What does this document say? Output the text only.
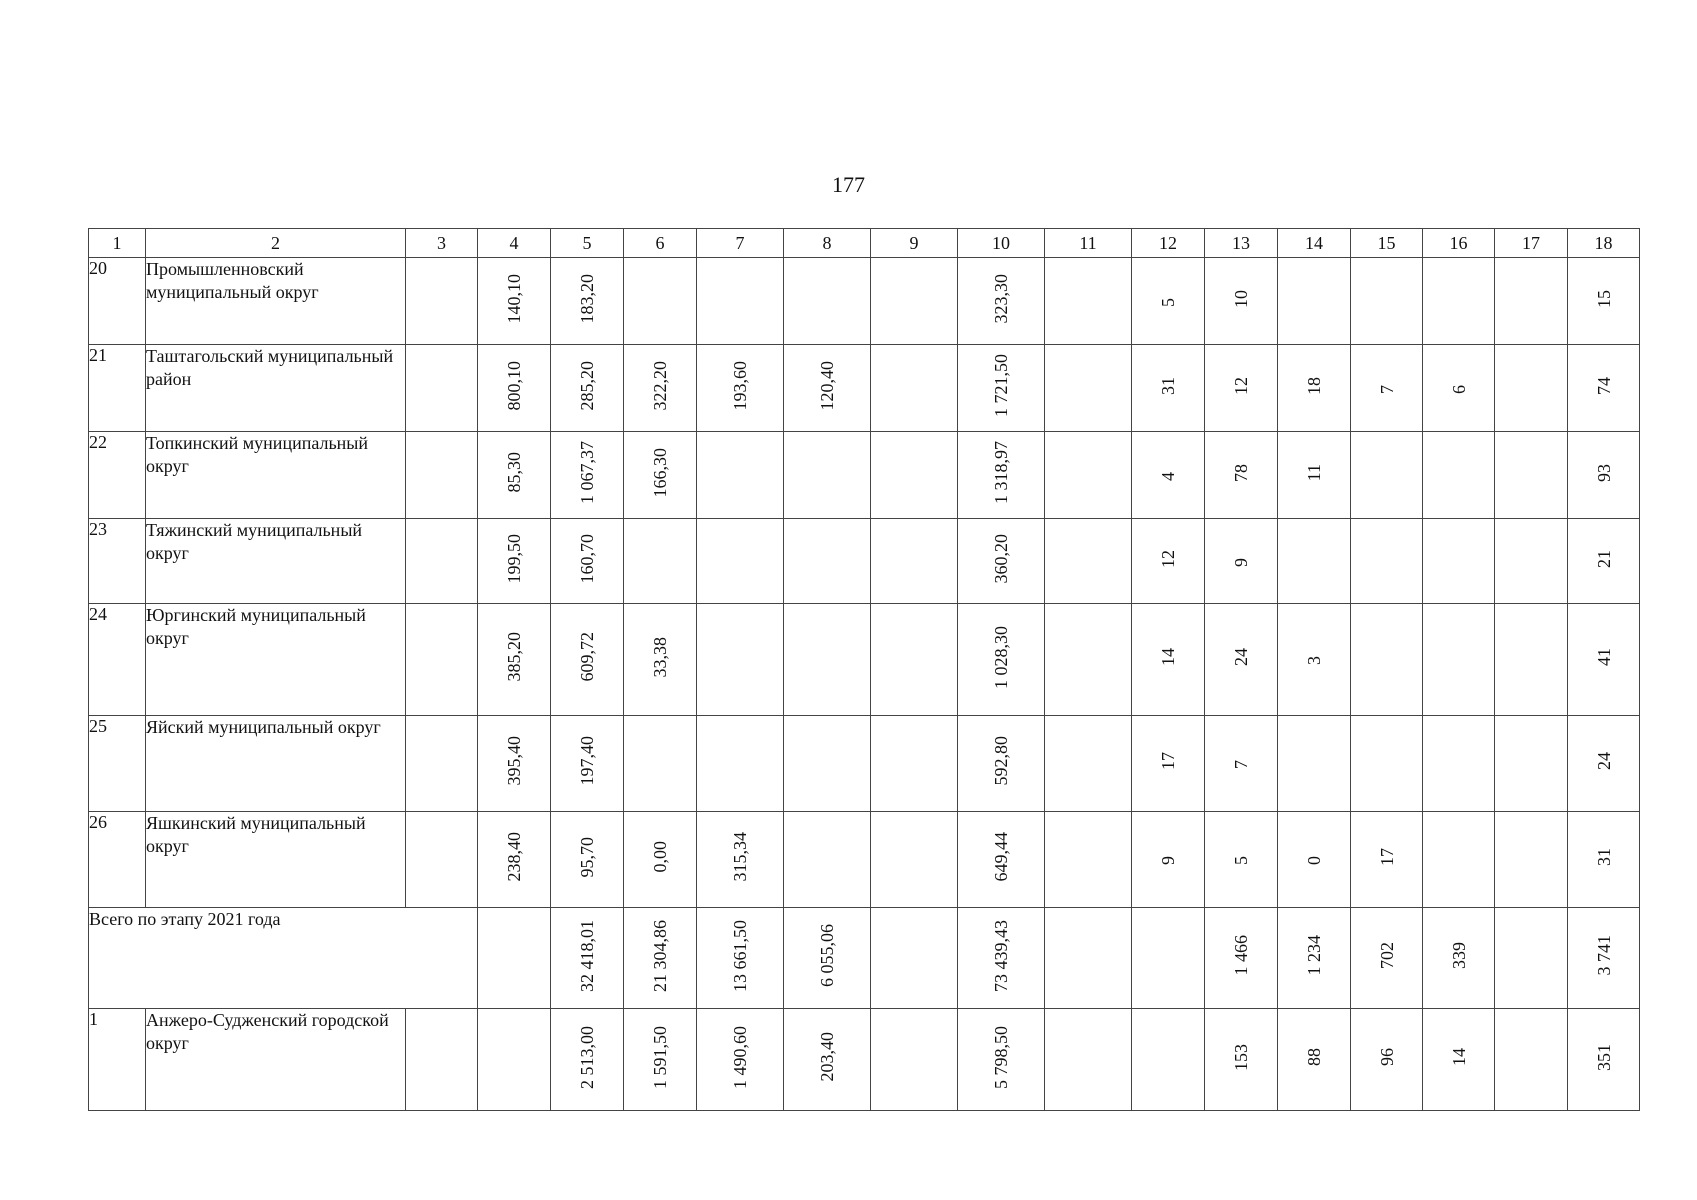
177
1	2	3	4	5	6	7	8	9	10	11	12	13	14	15	16	17	18
20	Промышленновский муниципальный округ		140,10	183,20					323,30		5	10					15
21	Таштагольский муниципальный район		800,10	285,20	322,20	193,60	120,40		1 721,50		31	12	18	7	6		74
22	Топкинский муниципальный округ		85,30	1 067,37	166,30				1 318,97		4	78	11				93
23	Тяжинский муниципальный округ		199,50	160,70					360,20		12	9					21
24	Юргинский муниципальный округ		385,20	609,72	33,38				1 028,30		14	24	3				41
25	Яйский муниципальный округ		395,40	197,40					592,80		17	7					24
26	Яшкинский муниципальный округ		238,40	95,70	0,00	315,34			649,44		9	5	0	17			31
Всего по этапу 2021 года				32 418,01	21 304,86	13 661,50	6 055,06		73 439,43			1 466	1 234	702	339		3 741
1	Анжеро-Судженский городской округ			2 513,00	1 591,50	1 490,60	203,40		5 798,50			153	88	96	14		351
